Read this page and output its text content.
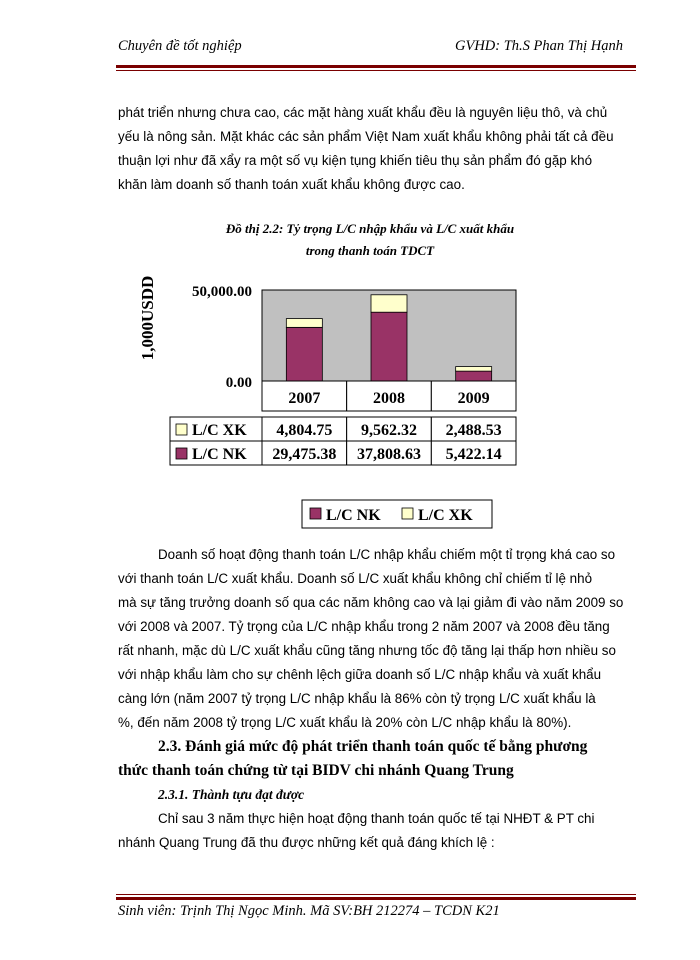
Chuyên đề tốt nghiệp	GVHD: Th.S Phan Thị Hạnh
phát triển nhưng chưa cao, các mặt hàng xuất khẩu đều là nguyên liệu thô, và chủ
yếu là nông sản. Mặt khác các sản phẩm Việt Nam xuất khẩu không phải tất cả đều
thuận lợi như đã xẩy ra một số vụ kiện tụng khiến tiêu thụ sản phẩm đó gặp khó
khăn làm doanh số thanh toán xuất khẩu không được cao.
Đồ thị 2.2: Tỷ trọng L/C nhập khẩu và L/C xuất khẩu
trong thanh toán TDCT
50,000.00
0.00
1,000USDD
2007	2008	2009
L/C XK 4,804.75 9,562.32 2,488.53
L/C NK 29,475.38 37,808.63 5,422.14
L/C NK L/C XK
Doanh số hoạt động thanh toán L/C nhập khẩu chiếm một tỉ trọng khá cao so
với thanh toán L/C xuất khẩu. Doanh số L/C xuất khẩu không chỉ chiếm tỉ lệ nhỏ
mà sự tăng trưởng doanh số qua các năm không cao và lại giảm đi vào năm 2009 so
với 2008 và 2007. Tỷ trọng của L/C nhập khẩu trong 2 năm 2007 và 2008 đều tăng
rất nhanh, mặc dù L/C xuất khẩu cũng tăng nhưng tốc độ tăng lại thấp hơn nhiều so
với nhập khẩu làm cho sự chênh lệch giữa doanh số L/C nhập khẩu và xuất khẩu
càng lớn (năm 2007 tỷ trọng L/C nhập khẩu là 86% còn tỷ trọng L/C xuất khẩu là
%, đến năm 2008 tỷ trọng L/C xuất khẩu là 20% còn L/C nhập khẩu là 80%).
2.3. Đánh giá mức độ phát triển thanh toán quốc tế bằng phương
thức thanh toán chứng từ tại BIDV chi nhánh Quang Trung
2.3.1. Thành tựu đạt được
Chỉ sau 3 năm thực hiện hoạt động thanh toán quốc tế tại NHĐT & PT chi
nhánh Quang Trung đã thu được những kết quả đáng khích lệ :
Sinh viên: Trịnh Thị Ngọc Minh. Mã SV:BH 212274 – TCDN K21
